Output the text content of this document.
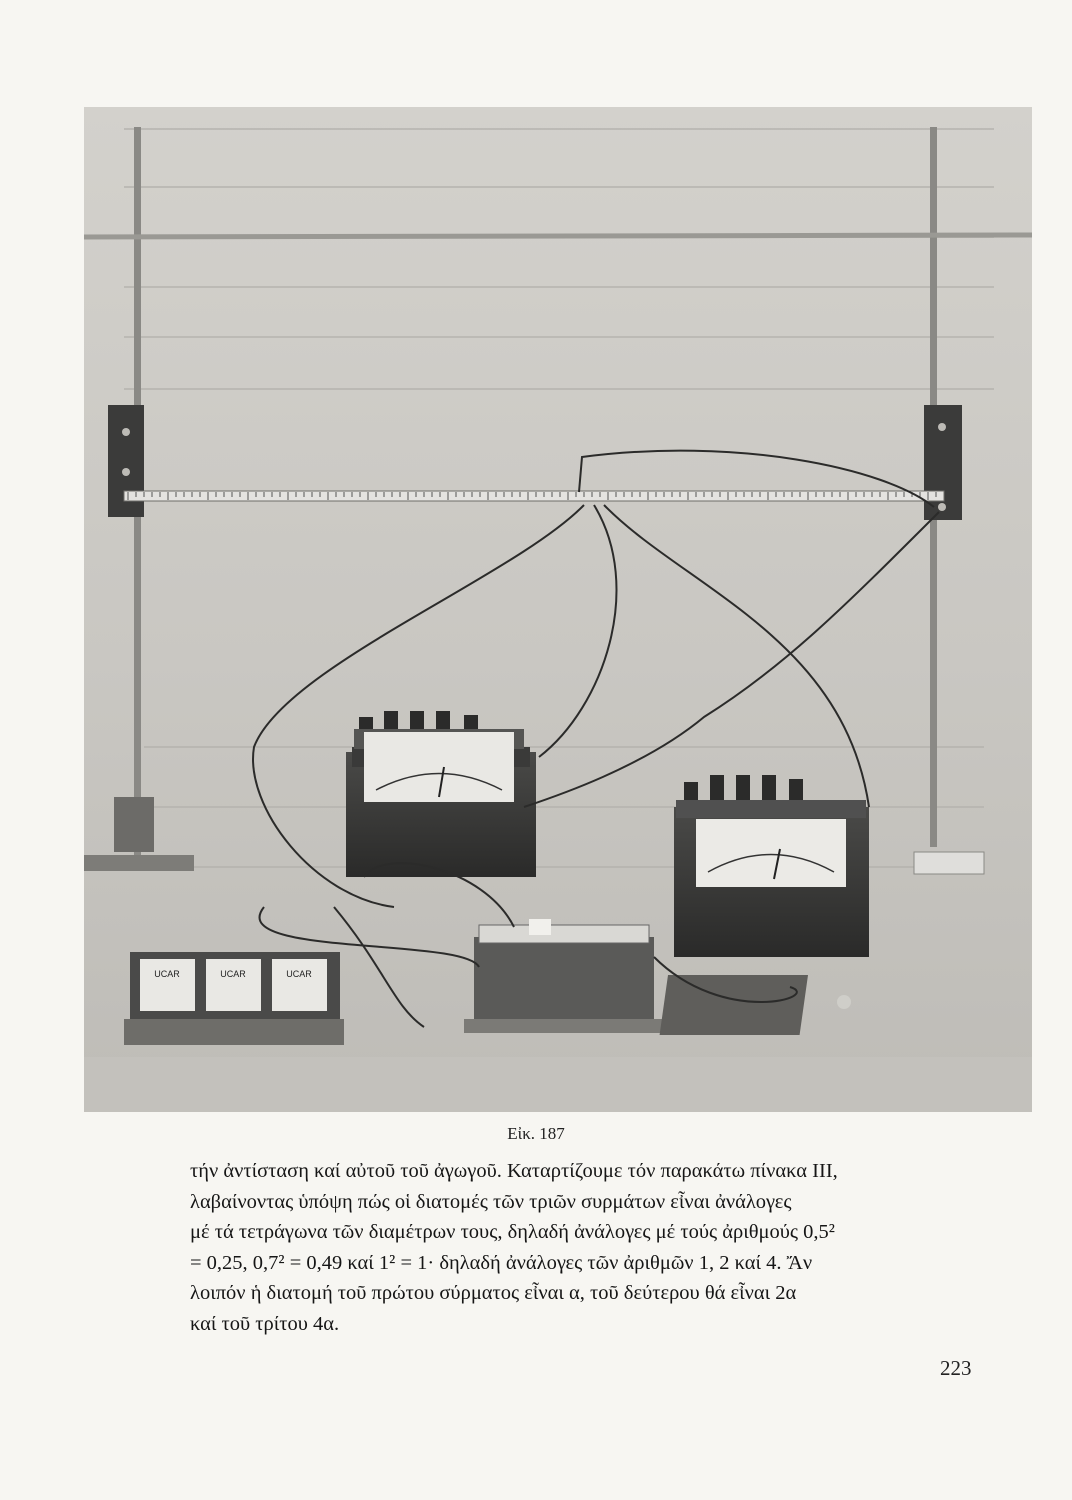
UCAR	UCAR	UCAR
Εἰκ. 187
τήν ἀντίσταση καί αὐτοῦ τοῦ ἀγωγοῦ. Καταρτίζουμε τόν παρακάτω πίνακα ΙΙΙ,
λαβαίνοντας ὑπόψη πώς οἱ διατομές τῶν τριῶν συρμάτων εἶναι ἀνάλογες
μέ τά τετράγωνα τῶν διαμέτρων τους, δηλαδή ἀνάλογες μέ τούς ἀριθμούς 0,5²
= 0,25, 0,7² = 0,49 καί 1² = 1· δηλαδή ἀνάλογες τῶν ἀριθμῶν 1, 2 καί 4. Ἄν
λοιπόν ἡ διατομή τοῦ πρώτου σύρματος εἶναι α, τοῦ δεύτερου θά εἶναι 2α
καί τοῦ τρίτου 4α.
223
